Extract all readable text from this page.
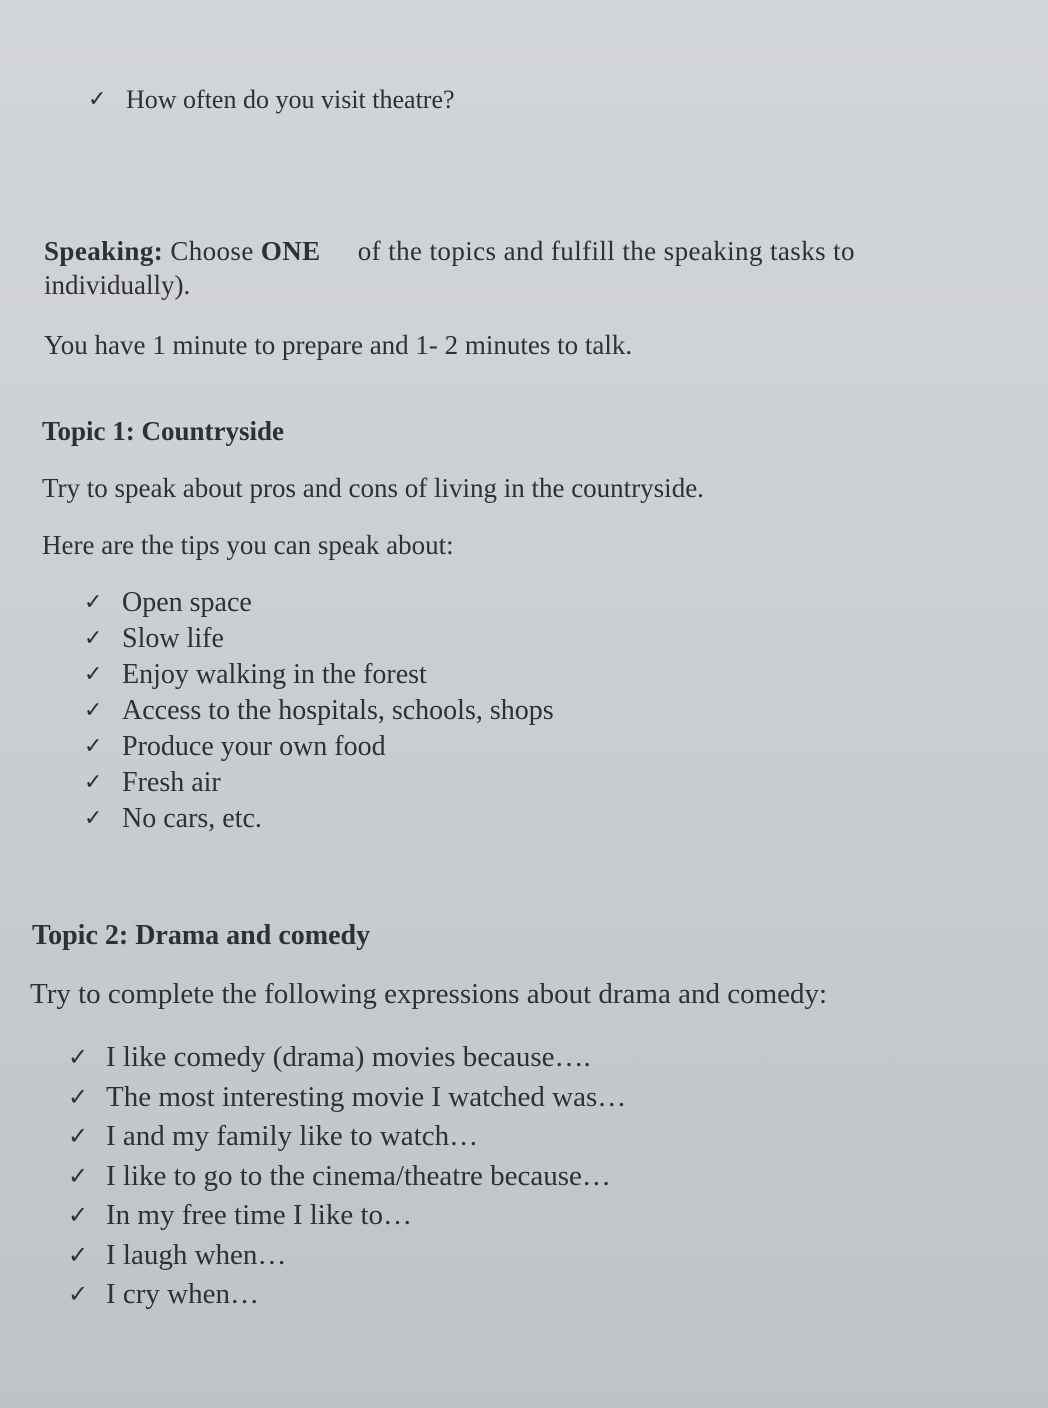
✓ How often do you visit theatre?

Speaking: Choose ONE of the topics and fulfill the speaking tasks to

individually).

You have 1 minute to prepare and 1- 2 minutes to talk.

Topic 1: Countryside

Try to speak about pros and cons of living in the countryside.

Here are the tips you can speak about:

✓ Open space
✓ Slow life
✓ Enjoy walking in the forest
✓ Access to the hospitals, schools, shops
✓ Produce your own food
✓ Fresh air
✓ No cars, etc.

Topic 2: Drama and comedy

Try to complete the following expressions about drama and comedy:

✓ I like comedy (drama) movies because….
✓ The most interesting movie I watched was…
✓ I and my family like to watch…
✓ I like to go to the cinema/theatre because…
✓ In my free time I like to…
✓ I laugh when…
✓ I cry when…
